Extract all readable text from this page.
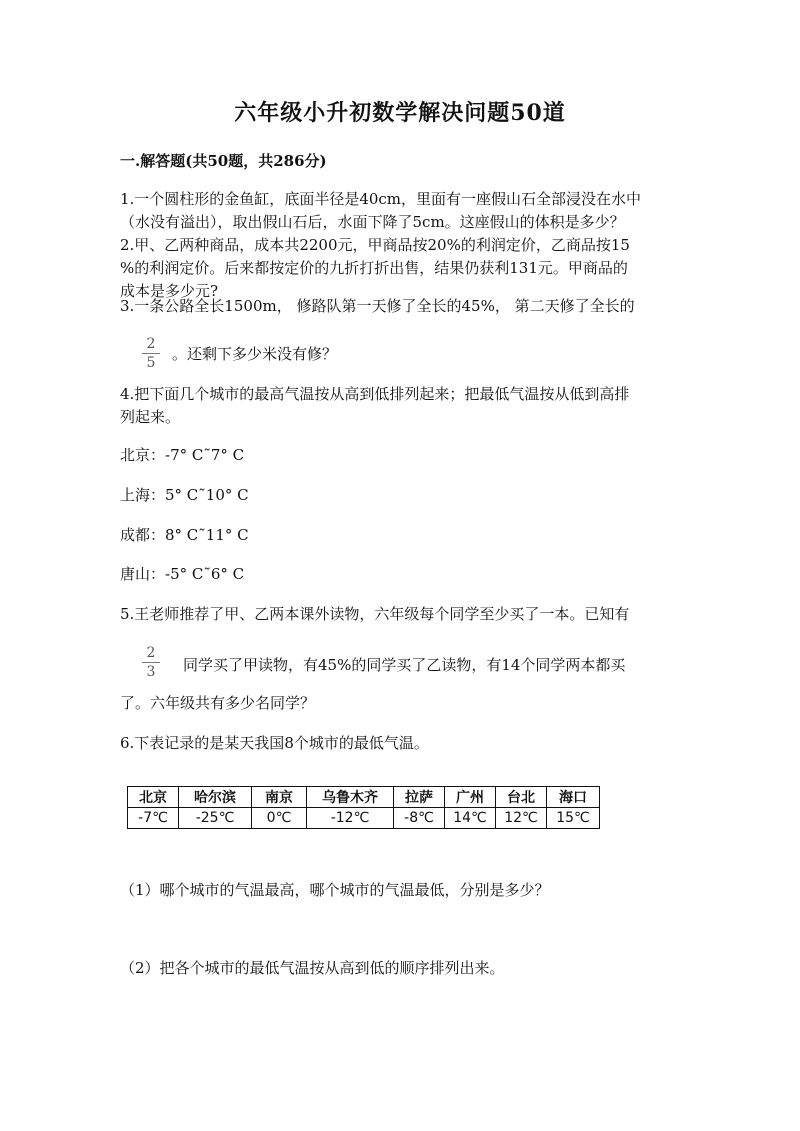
六年级小升初数学解决问题50道
一.解答题(共50题，共286分)
1.一个圆柱形的金鱼缸，底面半径是40cm，里面有一座假山石全部浸没在水中
（水没有溢出），取出假山石后，水面下降了5cm。这座假山的体积是多少？
2.甲、乙两种商品，成本共2200元，甲商品按20%的利润定价，乙商品按15
%的利润定价。后来都按定价的九折打折出售，结果仍获利131元。甲商品的
成本是多少元?
3.一条公路全长1500m， 修路队第一天修了全长的45%， 第二天修了全长的
2
5	。还剩下多少米没有修？
4.把下面几个城市的最高气温按从高到低排列起来；把最低气温按从低到高排
列起来。
北京：-7° C˜7° C
上海：5° C˜10° C
成都：8° C˜11° C
唐山：-5° C˜6° C
5.王老师推荐了甲、乙两本课外读物，六年级每个同学至少买了一本。已知有
2
3	同学买了甲读物，有45%的同学买了乙读物，有14个同学两本都买
了。六年级共有多少名同学？
6.下表记录的是某天我国8个城市的最低气温。
北京	哈尔滨	南京	乌鲁木齐	拉萨	广州	台北	海口
-7℃	-25℃	0℃	-12℃	-8℃	14℃	12℃	15℃
（1）哪个城市的气温最高，哪个城市的气温最低，分别是多少？
（2）把各个城市的最低气温按从高到低的顺序排列出来。
